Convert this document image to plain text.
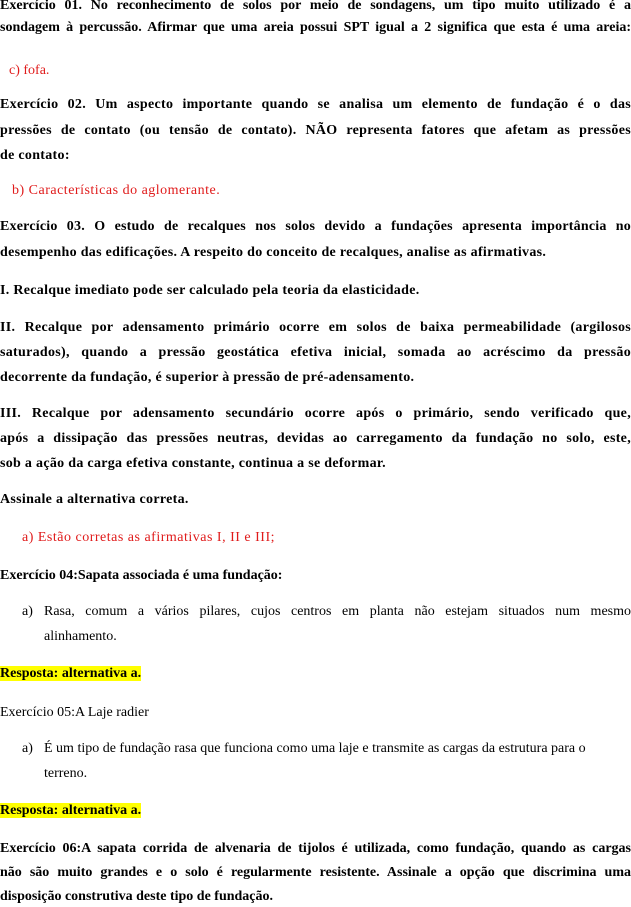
Exercício 01. No reconhecimento de solos por meio de sondagens, um tipo muito utilizado é a
sondagem à percussão. Afirmar que uma areia possui SPT igual a 2 significa que esta é uma areia:
c) fofa.
Exercício 02. Um aspecto importante quando se analisa um elemento de fundação é o das
pressões de contato (ou tensão de contato). NÃO representa fatores que afetam as pressões
de contato:
b) Características do aglomerante.
Exercício 03. O estudo de recalques nos solos devido a fundações apresenta importância no
desempenho das edificações. A respeito do conceito de recalques, analise as afirmativas.
I. Recalque imediato pode ser calculado pela teoria da elasticidade.
II. Recalque por adensamento primário ocorre em solos de baixa permeabilidade (argilosos
saturados), quando a pressão geostática efetiva inicial, somada ao acréscimo da pressão
decorrente da fundação, é superior à pressão de pré-adensamento.
III. Recalque por adensamento secundário ocorre após o primário, sendo verificado que,
após a dissipação das pressões neutras, devidas ao carregamento da fundação no solo, este,
sob a ação da carga efetiva constante, continua a se deformar.
Assinale a alternativa correta.
a) Estão corretas as afirmativas I, II e III;
Exercício 04:Sapata associada é uma fundação:
a) Rasa, comum a vários pilares, cujos centros em planta não estejam situados num mesmo
alinhamento.
Resposta: alternativa a.
Exercício 05:A Laje radier
a) É um tipo de fundação rasa que funciona como uma laje e transmite as cargas da estrutura para o
terreno.
Resposta: alternativa a.
Exercício 06:A sapata corrida de alvenaria de tijolos é utilizada, como fundação, quando as cargas
não são muito grandes e o solo é regularmente resistente. Assinale a opção que discrimina uma
disposição construtiva deste tipo de fundação.
